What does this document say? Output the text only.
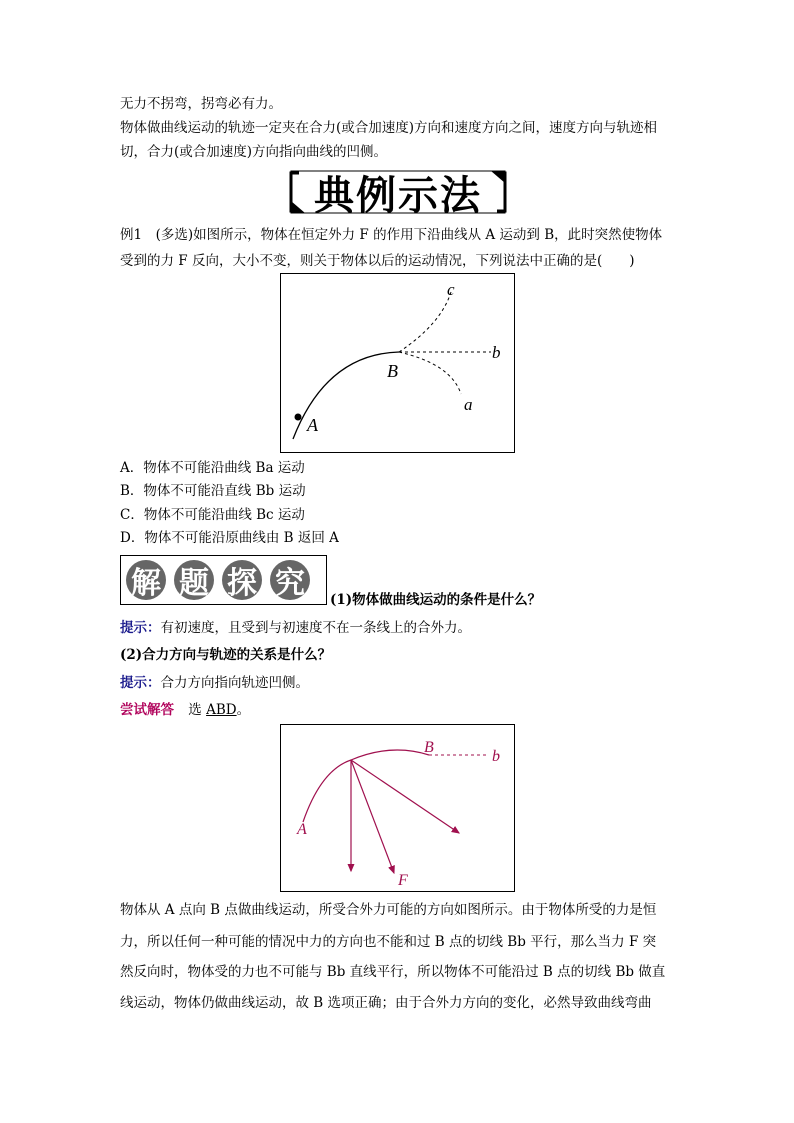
无力不拐弯，拐弯必有力。
物体做曲线运动的轨迹一定夹在合力(或合加速度)方向和速度方向之间，速度方向与轨迹相
切，合力(或合加速度)方向指向曲线的凹侧。
典例示法
例1　(多选)如图所示，物体在恒定外力 F 的作用下沿曲线从 A 运动到 B，此时突然使物体
受到的力 F 反向，大小不变，则关于物体以后的运动情况，下列说法中正确的是(　　)
A
B
c
b
a
A．物体不可能沿曲线 Ba 运动
B．物体不可能沿直线 Bb 运动
C．物体不可能沿曲线 Bc 运动
D．物体不可能沿原曲线由 B 返回 A
解 题 探 究	(1)物体做曲线运动的条件是什么？
提示：有初速度，且受到与初速度不在一条线上的合外力。
(2)合力方向与轨迹的关系是什么？
提示：合力方向指向轨迹凹侧。
尝试解答 选 ABD。
A
B
b
F
物体从 A 点向 B 点做曲线运动，所受合外力可能的方向如图所示。由于物体所受的力是恒
力，所以任何一种可能的情况中力的方向也不能和过 B 点的切线 Bb 平行，那么当力 F 突
然反向时，物体受的力也不可能与 Bb 直线平行，所以物体不可能沿过 B 点的切线 Bb 做直
线运动，物体仍做曲线运动，故 B 选项正确；由于合外力方向的变化，必然导致曲线弯曲
